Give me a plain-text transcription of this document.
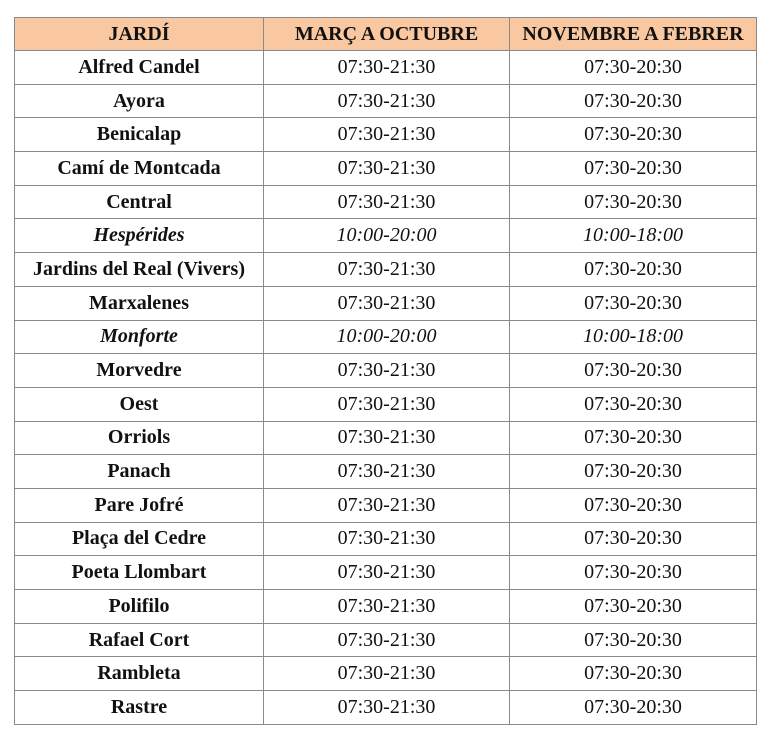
JARDÍ	MARÇ A OCTUBRE	NOVEMBRE A FEBRER
Alfred Candel	07:30-21:30	07:30-20:30
Ayora	07:30-21:30	07:30-20:30
Benicalap	07:30-21:30	07:30-20:30
Camí de Montcada	07:30-21:30	07:30-20:30
Central	07:30-21:30	07:30-20:30
Hespérides	10:00-20:00	10:00-18:00
Jardins del Real (Vivers)	07:30-21:30	07:30-20:30
Marxalenes	07:30-21:30	07:30-20:30
Monforte	10:00-20:00	10:00-18:00
Morvedre	07:30-21:30	07:30-20:30
Oest	07:30-21:30	07:30-20:30
Orriols	07:30-21:30	07:30-20:30
Panach	07:30-21:30	07:30-20:30
Pare Jofré	07:30-21:30	07:30-20:30
Plaça del Cedre	07:30-21:30	07:30-20:30
Poeta Llombart	07:30-21:30	07:30-20:30
Polifilo	07:30-21:30	07:30-20:30
Rafael Cort	07:30-21:30	07:30-20:30
Rambleta	07:30-21:30	07:30-20:30
Rastre	07:30-21:30	07:30-20:30
